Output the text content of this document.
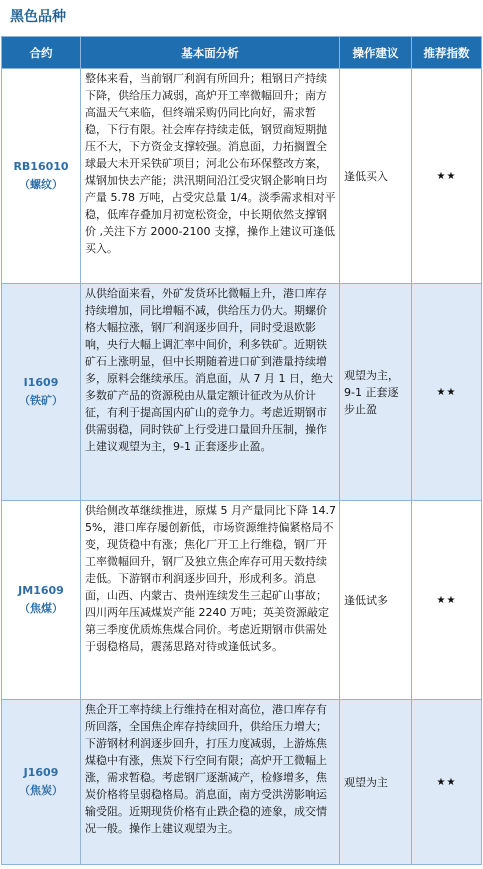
黑色品种
合约	基本面分析	操作建议	推荐指数

RB16010
（螺纹）	整体来看，当前钢厂利润有所回升；粗钢日产持续下降，供给压力减弱，高炉开工率微幅回升；南方高温天气来临，但终端采购仍同比向好，需求暂稳，下行有限。社会库存持续走低，钢贸商短期抛压不大，下方资金支撑较强。消息面，力拓搁置全球最大未开采铁矿项目；河北公布环保整改方案，煤钢加快去产能；洪汛期间沿江受灾钢企影响日均产量 5.78 万吨，占受灾总量 1/4。淡季需求相对平稳，低库存叠加月初宽松资金，中长期依然支撑钢价 ,关注下方 2000-2100 支撑，操作上建议可逢低买入。	逢低买入	★★

I1609
（铁矿）	从供给面来看，外矿发货环比微幅上升，港口库存持续增加，同比增幅不减，供给压力仍大。期螺价格大幅拉涨，钢厂利润逐步回升，同时受退欧影响，央行大幅上调汇率中间价，利多铁矿。近期铁矿石上涨明显，但中长期随着进口矿到港量持续增多，原料会继续承压。消息面，从 7 月 1 日，绝大多数矿产品的资源税由从量定额计征改为从价计征，有利于提高国内矿山的竞争力。考虑近期钢市供需弱稳，同时铁矿上行受进口量回升压制，操作上建议观望为主，9-1 正套逐步止盈。	观望为主，9-1 正套逐步止盈	★★

JM1609
（焦煤）	供给侧改革继续推进，原煤 5 月产量同比下降 14.75%，港口库存屡创新低，市场资源维持偏紧格局不变，现货稳中有涨；焦化厂开工上行维稳，钢厂开工率微幅回升，钢厂及独立焦企库存可用天数持续走低。下游钢市利润逐步回升，形成利多。消息面，山西、内蒙古、贵州连续发生三起矿山事故；四川两年压减煤炭产能 2240 万吨；英美资源敲定第三季度优质炼焦煤合同价。考虑近期钢市供需处于弱稳格局，震荡思路对待或逢低试多。	逢低试多	★★

J1609
（焦炭）	焦企开工率持续上行维持在相对高位，港口库存有所回落，全国焦企库存持续回升，供给压力增大；下游钢材利润逐步回升，打压力度减弱，上游炼焦煤稳中有涨，焦炭下行空间有限；高炉开工微幅上涨，需求暂稳。考虑钢厂逐渐减产，检修增多，焦炭价格将呈弱稳格局。消息面，南方受洪涝影响运输受阻。近期现货价格有止跌企稳的迹象，成交情况一般。操作上建议观望为主。	观望为主	★★
